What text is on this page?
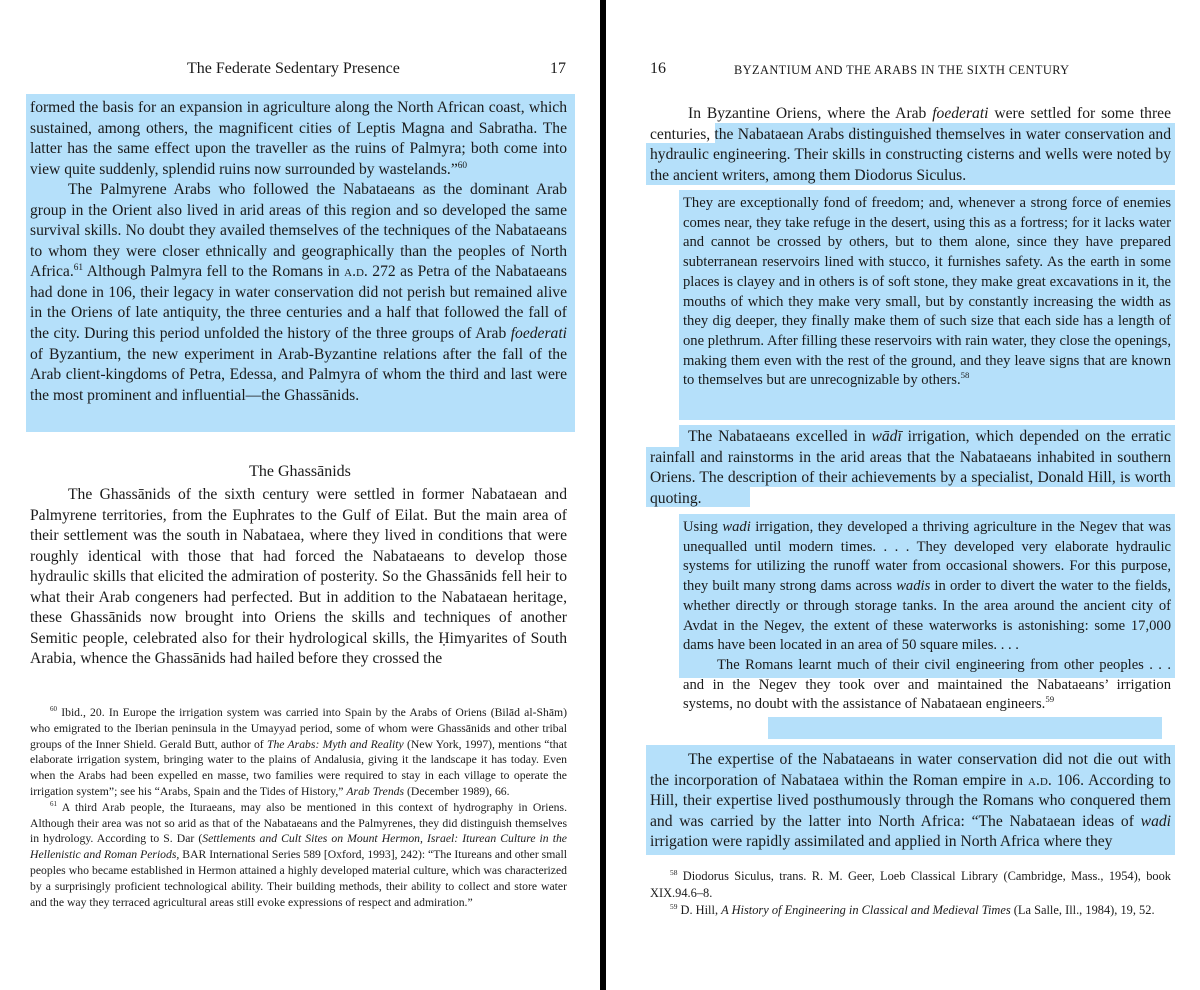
The Federate Sedentary Presence	17

formed the basis for an expansion in agriculture along the North African coast, which sustained, among others, the magnificent cities of Leptis Magna and Sabratha. The latter has the same effect upon the traveller as the ruins of Palmyra; both come into view quite suddenly, splendid ruins now surrounded by wastelands.”$^{60}$

The Palmyrene Arabs who followed the Nabataeans as the dominant Arab group in the Orient also lived in arid areas of this region and so developed the same survival skills. No doubt they availed themselves of the techniques of the Nabataeans to whom they were closer ethnically and geographically than the peoples of North Africa.$^{61}$ Although Palmyra fell to the Romans in a.d. 272 as Petra of the Nabataeans had done in 106, their legacy in water conservation did not perish but remained alive in the Oriens of late antiquity, the three centuries and a half that followed the fall of the city. During this period unfolded the history of the three groups of Arab foederati of Byzantium, the new experiment in Arab-Byzantine relations after the fall of the Arab client-kingdoms of Petra, Edessa, and Palmyra of whom the third and last were the most prominent and influential—the Ghassānids.

The Ghassānids

The Ghassānids of the sixth century were settled in former Nabataean and Palmyrene territories, from the Euphrates to the Gulf of Eilat. But the main area of their settlement was the south in Nabataea, where they lived in conditions that were roughly identical with those that had forced the Nabataeans to develop those hydraulic skills that elicited the admiration of posterity. So the Ghassānids fell heir to what their Arab congeners had perfected. But in addition to the Nabataean heritage, these Ghassānids now brought into Oriens the skills and techniques of another Semitic people, celebrated also for their hydrological skills, the Ḥimyarites of South Arabia, whence the Ghassānids had hailed before they crossed the

$^{60}$ Ibid., 20. In Europe the irrigation system was carried into Spain by the Arabs of Oriens (Bilād al-Shām) who emigrated to the Iberian peninsula in the Umayyad period, some of whom were Ghassānids and other tribal groups of the Inner Shield. Gerald Butt, author of The Arabs: Myth and Reality (New York, 1997), mentions “that elaborate irrigation system, bringing water to the plains of Andalusia, giving it the landscape it has today. Even when the Arabs had been expelled en masse, two families were required to stay in each village to operate the irrigation system”; see his “Arabs, Spain and the Tides of History,” Arab Trends (December 1989), 66.

$^{61}$ A third Arab people, the Ituraeans, may also be mentioned in this context of hydrography in Oriens. Although their area was not so arid as that of the Nabataeans and the Palmyrenes, they did distinguish themselves in hydrology. According to S. Dar (Settlements and Cult Sites on Mount Hermon, Israel: Iturean Culture in the Hellenistic and Roman Periods, BAR International Series 589 [Oxford, 1993], 242): “The Itureans and other small peoples who became established in Hermon attained a highly developed material culture, which was characterized by a surprisingly proficient technological ability. Their building methods, their ability to collect and store water and the way they terraced agricultural areas still evoke expressions of respect and admiration.”

16	BYZANTIUM AND THE ARABS IN THE SIXTH CENTURY

In Byzantine Oriens, where the Arab foederati were settled for some three centuries, the Nabataean Arabs distinguished themselves in water conservation and hydraulic engineering. Their skills in constructing cisterns and wells were noted by the ancient writers, among them Diodorus Siculus.

They are exceptionally fond of freedom; and, whenever a strong force of enemies comes near, they take refuge in the desert, using this as a fortress; for it lacks water and cannot be crossed by others, but to them alone, since they have prepared subterranean reservoirs lined with stucco, it furnishes safety. As the earth in some places is clayey and in others is of soft stone, they make great excavations in it, the mouths of which they make very small, but by constantly increasing the width as they dig deeper, they finally make them of such size that each side has a length of one plethrum. After filling these reservoirs with rain water, they close the openings, making them even with the rest of the ground, and they leave signs that are known to themselves but are unrecognizable by others.$^{58}$

The Nabataeans excelled in wādī irrigation, which depended on the erratic rainfall and rainstorms in the arid areas that the Nabataeans inhabited in southern Oriens. The description of their achievements by a specialist, Donald Hill, is worth quoting.

Using wadi irrigation, they developed a thriving agriculture in the Negev that was unequalled until modern times. . . . They developed very elaborate hydraulic systems for utilizing the runoff water from occasional showers. For this purpose, they built many strong dams across wadis in order to divert the water to the fields, whether directly or through storage tanks. In the area around the ancient city of Avdat in the Negev, the extent of these waterworks is astonishing: some 17,000 dams have been located in an area of 50 square miles. . . .

The Romans learnt much of their civil engineering from other peoples . . . and in the Negev they took over and maintained the Nabataeans’ irrigation systems, no doubt with the assistance of Nabataean engineers.$^{59}$

The expertise of the Nabataeans in water conservation did not die out with the incorporation of Nabataea within the Roman empire in a.d. 106. According to Hill, their expertise lived posthumously through the Romans who conquered them and was carried by the latter into North Africa: “The Nabataean ideas of wadi irrigation were rapidly assimilated and applied in North Africa where they

$^{58}$ Diodorus Siculus, trans. R. M. Geer, Loeb Classical Library (Cambridge, Mass., 1954), book XIX.94.6–8.

$^{59}$ D. Hill, A History of Engineering in Classical and Medieval Times (La Salle, Ill., 1984), 19, 52.
